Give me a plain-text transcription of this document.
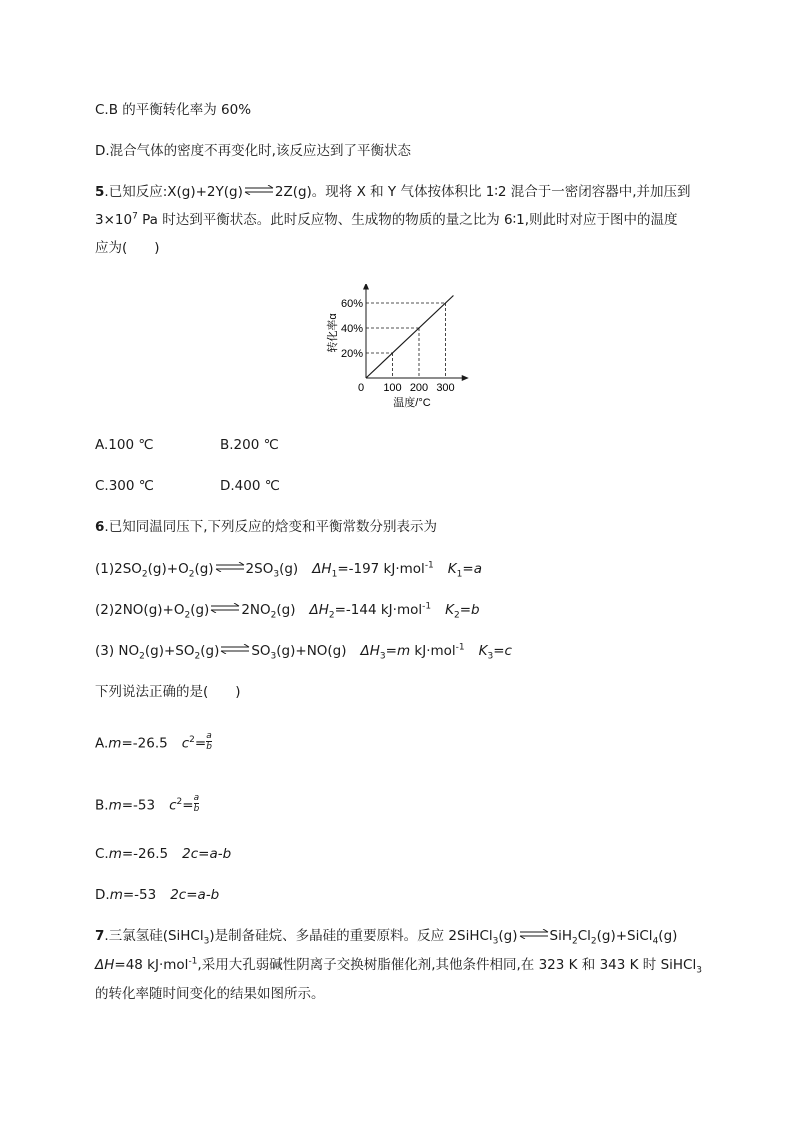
C.B 的平衡转化率为 60%
D.混合气体的密度不再变化时,该反应达到了平衡状态
5.已知反应:X(g)+2Y(g)⇌2Z(g)。现将 X 和 Y 气体按体积比 1∶2 混合于一密闭容器中,并加压到
$3\times 10^7$ Pa 时达到平衡状态。此时反应物、生成物的物质的量之比为 6∶1,则此时对应于图中的温度
应为(　　)
20%
40%
60%
0 100 200 300
温度/°C
转化率α
A.100 ℃	B.200 ℃
C.300 ℃	D.400 ℃
6.已知同温同压下,下列反应的焓变和平衡常数分别表示为
$(1)2SO_2(g)+O_2(g)\rightleftharpoons 2SO_3(g)$ $\Delta H_1=-197$ kJ·mol$^{-1}$ $K_1=a$
$(2)2NO(g)+O_2(g)\rightleftharpoons 2NO_2(g)$ $\Delta H_2=-144$ kJ·mol$^{-1}$ $K_2=b$
(3) $NO_2(g)+SO_2(g)\rightleftharpoons SO_3(g)+NO(g)$ $\Delta H_3=m$ kJ·mol$^{-1}$ $K_3=c$
下列说法正确的是(　　)
A.m=-26.5 $c^2= \frac{a}{b}$
B.m=-53 $c^2= \frac{a}{b}$
C.m=-26.5 2c=a-b
D.m=-53 2c=a-b
7.三氯氢硅(SiHCl$_3$)是制备硅烷、多晶硅的重要原料。反应 $2SiHCl_3(g)\rightleftharpoons SiH_2Cl_2(g)+SiCl_4(g)$
ΔH=48 kJ·mol$^{-1}$,采用大孔弱碱性阴离子交换树脂催化剂,其他条件相同,在 323 K 和 343 K 时 SiHCl$_3$
的转化率随时间变化的结果如图所示。
